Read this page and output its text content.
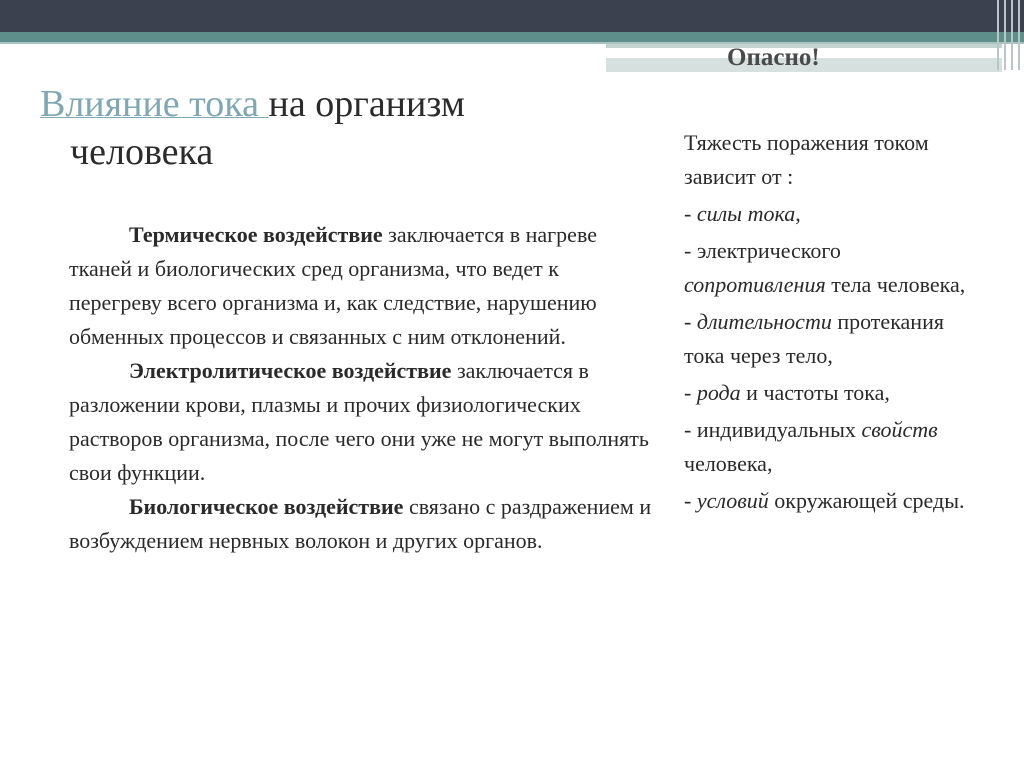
Опасно!
Влияние тока на организм
человека

Термическое воздействие заключается в нагреве тканей и биологических сред организма, что ведет к перегреву всего организма и, как следствие, нарушению обменных процессов и связанных с ним отклонений.

Электролитическое воздействие заключается в разложении крови, плазмы и прочих физиологических растворов организма, после чего они уже не могут выполнять свои функции.

Биологическое воздействие связано с раздражением и возбуждением нервных волокон и других органов.

Тяжесть поражения током зависит от :

- силы тока,

- электрического сопротивления тела человека,

- длительности протекания тока через тело,

- рода и частоты тока,

- индивидуальных свойств человека,

- условий окружающей среды.
